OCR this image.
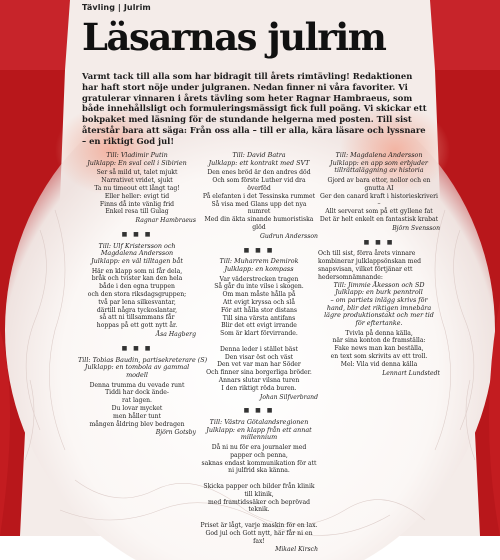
Tävling | Julrim
Läsarnas julrim
Varmt tack till alla som har bidragit till årets rimtävling! Redaktionen har haft stort nöje under julgranen. Nedan finner ni våra favoriter. Vi gratulerar vinnaren i årets tävling som heter Ragnar Hambraeus, som både innehållsligt och formuleringsmässigt fick full poäng. Vi skickar ett bokpaket med läsning för de stundande helgerna med posten. Till sist återstår bara att säga: Från oss alla – till er alla, kära läsare och lyssnare – en riktigt God jul!
Till: Vladimir Putin
Julklapp: En sval cell i Sibirien
Ser så mild ut, talet mjukt
Narrativet vridet, sjukt
Ta nu timeout ett långt tag!
Eller heller: evigt tid
Finns då inte vänlig frid
Enkel resa till Gulag
Ragnar Hambraeus
■ ■ ■
Till: Ulf Kristersson och
Magdalena Andersson
Julklapp: en väl tilltagen båt
Här en klapp som ni får dela,
bråk och tvister kan den hela
både i den egna truppen
och den stora riksdagsgruppen;
två par lena silkesvantar,
därtill några tyckoslantar,
så att ni tillsammans får
hoppas på ett gott nytt år.
Åsa Hagberg
■ ■ ■
Till: Tobias Baudin, partisekreterare (S)
Julklapp: en tombola av gammal
modell
Denna trumma du vevade runt
Tiddi har dock ände-
rat lagen.
Du lovar mycket
men håller tunt
mången åldring blev bedragen
Björn Gotsby
Till: David Batra
Julklapp: ett kontrakt med SVT
Den enes bröd är den andres död
Och som förste Luther vid dra överföd
På elefanten i det Tessinska rummet
Så visa med Glans upp det nya numret
Med din äkta sinande humoristiska glöd
Gudrun Andersson
■ ■ ■
Till: Muharrem Demirok
Julklapp: en kompass
Var väderstrecken tragen
Så går du inte vilse i skogen.
Om man måste hålla på
Att evigt kryssa och slå
För att hålla stor distans
Till sina värsta antifans
Blir det ett evigt irrande
Som är klart förvirrande.

Denna leder i stället bäst
Den visar öst och väst
Den vet var man har Söder
Och finner sina borgerliga bröder.
Annars slutar vilsna turen
I den riktigt röda buren.
Johan Silfverbrand
■ ■ ■
Till: Västra Götalandsregionen
Julklapp: en klapp från ett annat
millennium
Då ni nu för era journaler med papper och penna,
saknas endast kommunikation för att ni julfrid ska känna.

Skicka papper och bilder från klinik till klinik,
med framtidssäker och beprövad teknik.

Priset är lågt, varje maskin för en lax.
God jul och Gott nytt, här får ni en fax!
Mikael Kirsch
Till: Magdalena Andersson
Julklapp: en app som erbjuder
tillrättaläggning av historia
Gjord av bara ettor, nollor och en gnutta AI
Ger den canard kraft i historieskriveri –
Allt serverat som på ett gyllene fat
Det är helt enkelt en fantastisk krabat
Björn Svensson
■ ■ ■
Och till sist, förra årets vinnare kombinerar julklappsönskan med snapsvisan, vilket förtjänar ett hedersomnämnande:
Till: Jimmie Åkesson och SD
Julklapp: en burk penntroll
– om partiets inlägg skrivs för
hand, blir det riktigen imnebära
lägre produktionstakt och mer tid
för eftertanke.
Tvivla på denna källa,
när sina konton de framställa:
Fake news man kan beställa,
en text som skrivits av ett troll.
Mel: Vila vid denna källa
Lennart Lundstedt
